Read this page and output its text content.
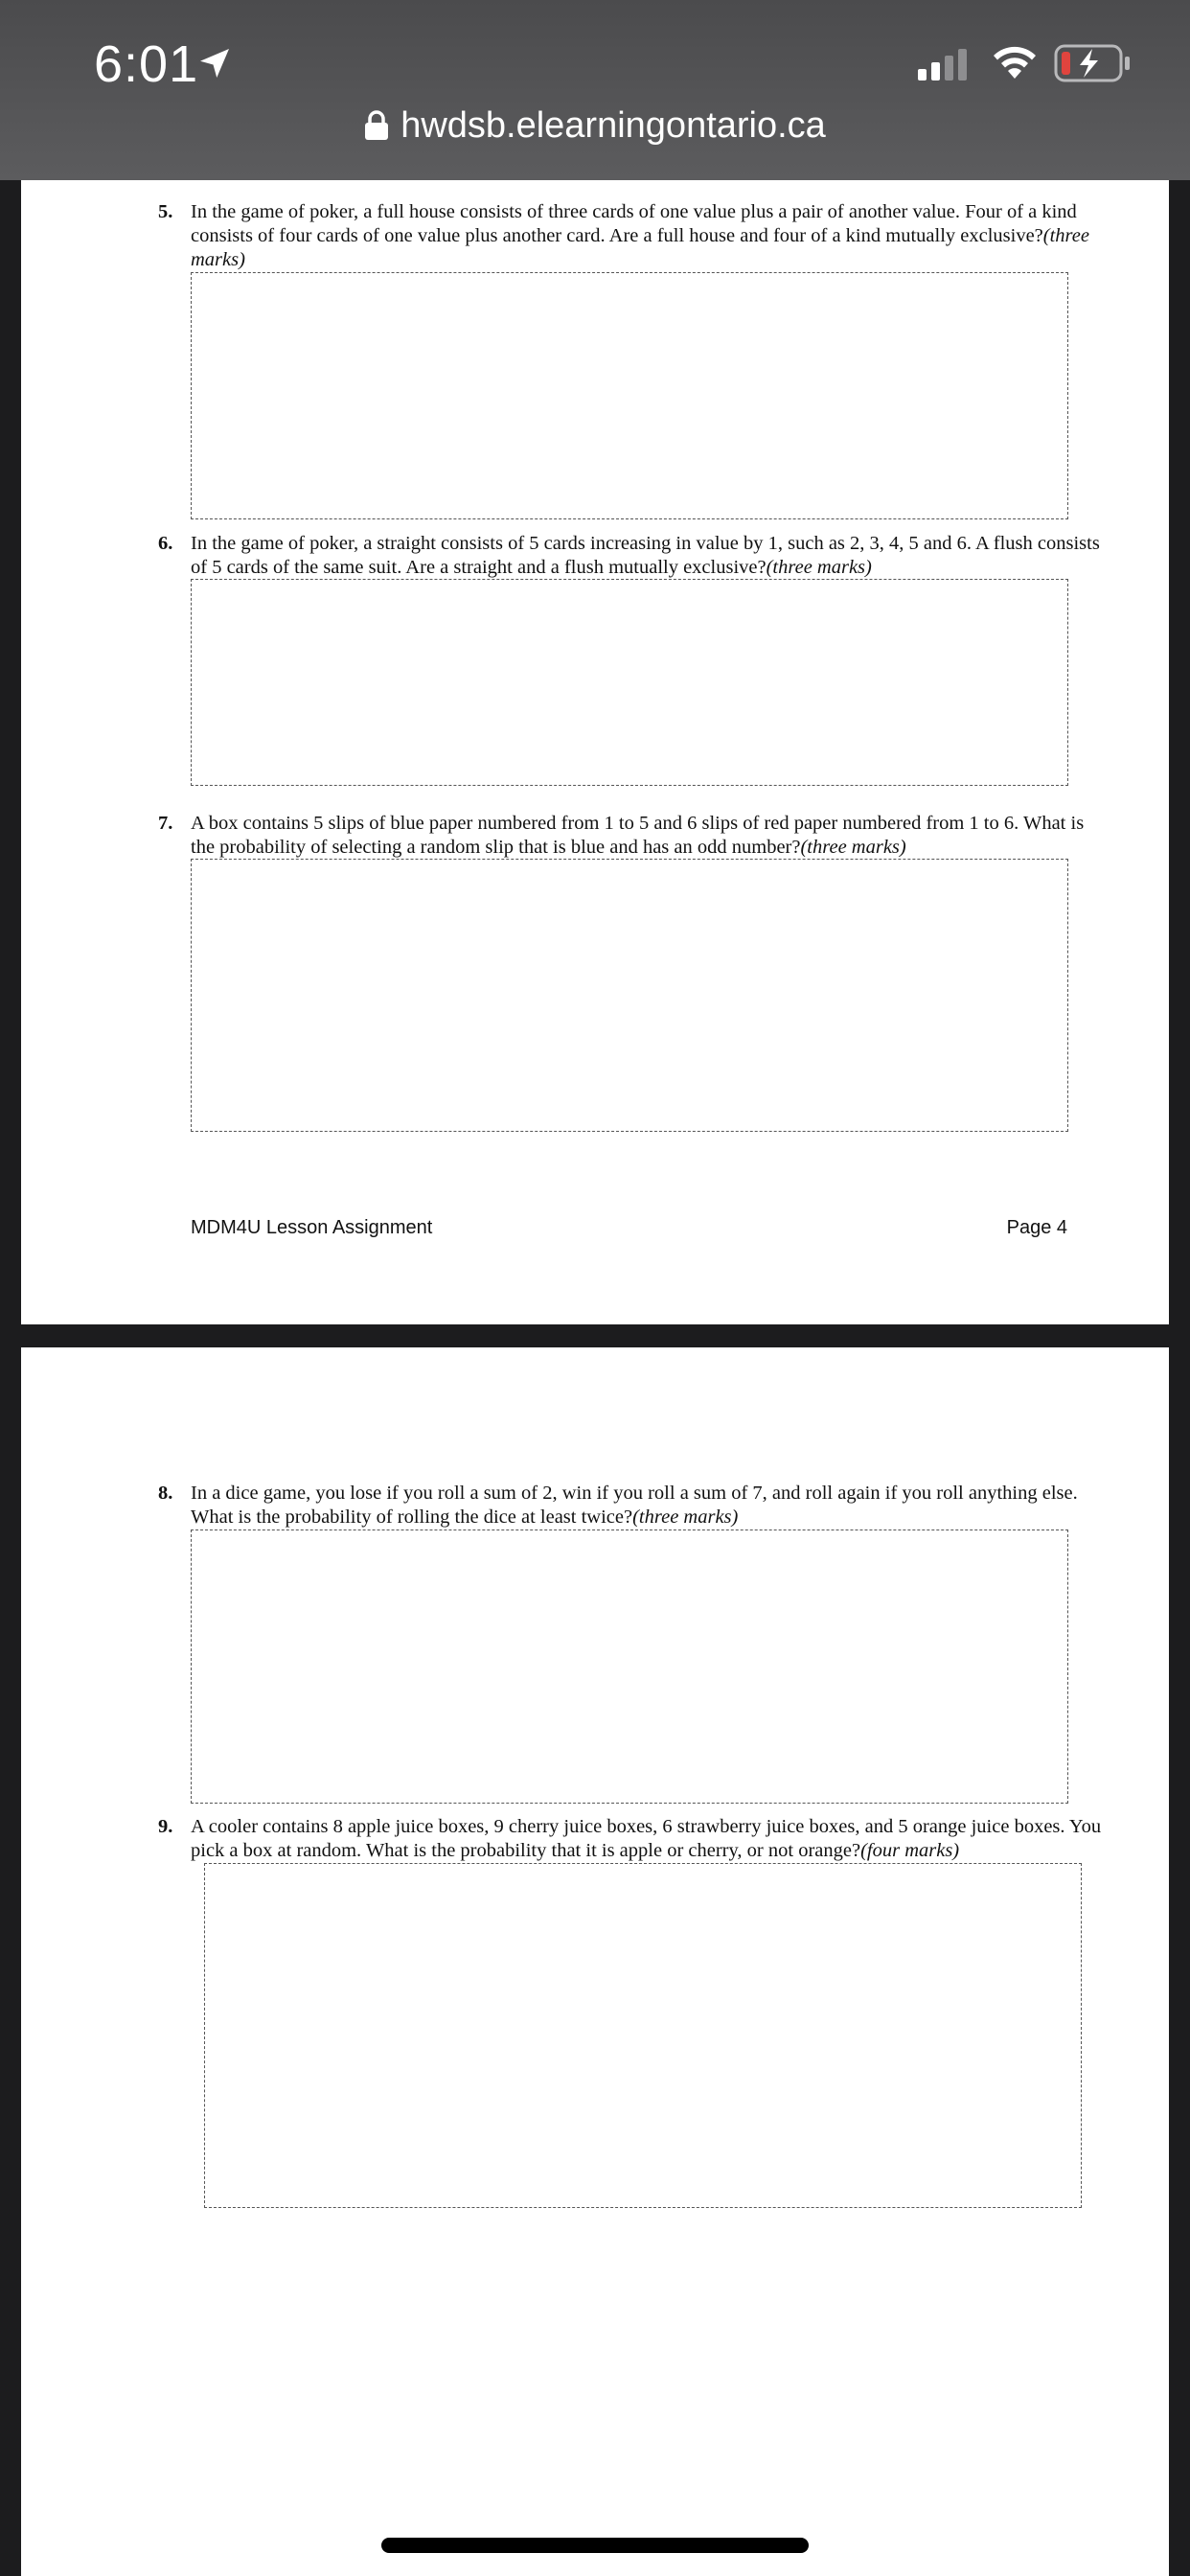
6:01
hwdsb.elearningontario.ca
5. In the game of poker, a full house consists of three cards of one value plus a pair of another value. Four of a kind consists of four cards of one value plus another card. Are a full house and four of a kind mutually exclusive?(three marks)
6. In the game of poker, a straight consists of 5 cards increasing in value by 1, such as 2, 3, 4, 5 and 6. A flush consists of 5 cards of the same suit. Are a straight and a flush mutually exclusive?(three marks)
7. A box contains 5 slips of blue paper numbered from 1 to 5 and 6 slips of red paper numbered from 1 to 6. What is the probability of selecting a random slip that is blue and has an odd number?(three marks)
MDM4U Lesson Assignment	Page 4
8. In a dice game, you lose if you roll a sum of 2, win if you roll a sum of 7, and roll again if you roll anything else. What is the probability of rolling the dice at least twice?(three marks)
9. A cooler contains 8 apple juice boxes, 9 cherry juice boxes, 6 strawberry juice boxes, and 5 orange juice boxes. You pick a box at random. What is the probability that it is apple or cherry, or not orange?(four marks)
